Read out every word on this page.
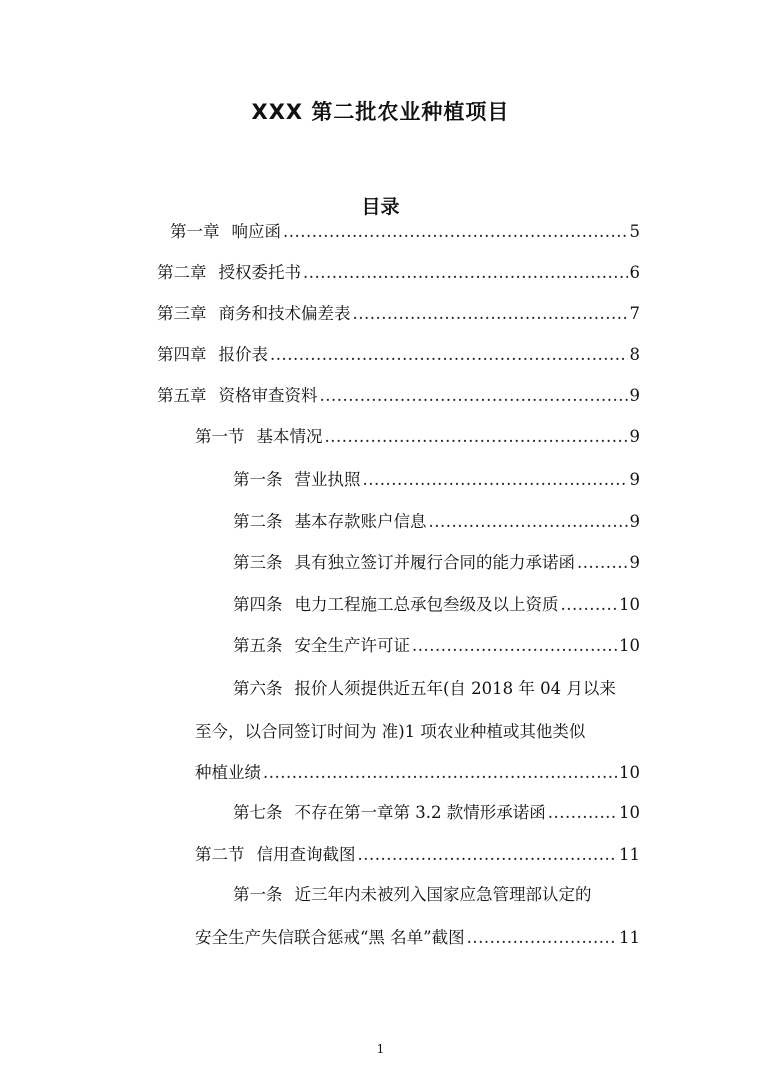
XXX 第二批农业种植项目
目录
第一章 响应函 .....	5
第二章 授权委托书 .....	6
第三章 商务和技术偏差表 .....	7
第四章 报价表 .....	8
第五章 资格审查资料 .....	9
第一节 基本情况 .....	9
第一条 营业执照 .....	9
第二条 基本存款账户信息 .....	9
第三条 具有独立签订并履行合同的能力承诺函 .....	9
第四条 电力工程施工总承包叁级及以上资质 .....	10
第五条 安全生产许可证 .....	10
第六条 报价人须提供近五年(自 2018 年 04 月以来
至今，以合同签订时间为 准)1 项农业种植或其他类似
种植业绩 .....	10
第七条 不存在第一章第 3.2 款情形承诺函 .....	10
第二节 信用查询截图 .....	11
第一条 近三年内未被列入国家应急管理部认定的
安全生产失信联合惩戒“黑 名单”截图 .....	11
1
